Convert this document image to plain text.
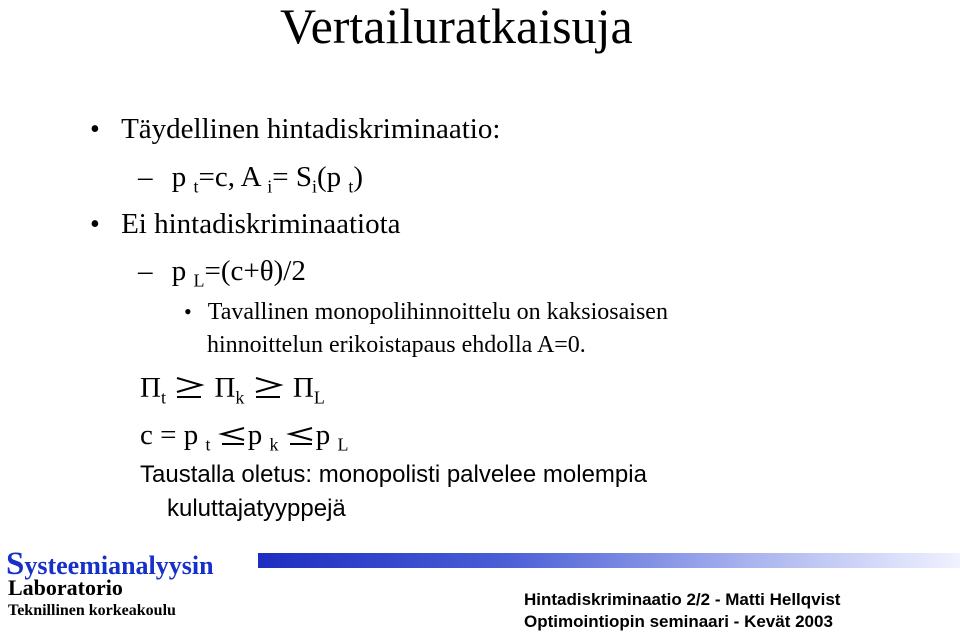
Vertailuratkaisuja
• Täydellinen hintadiskriminaatio:
– p $_t$=c, A $_i= S_i(p$ $_t$)
• Ei hintadiskriminaatiota
– p $_L$=(c+θ)/2
• Tavallinen monopolihinnoittelu on kaksiosaisen
hinnoittelun erikoistapaus ehdolla A=0.
$\Pi_t$ $\Pi_k$ $\Pi_L$
c = p $_t$ p $_k$ p $_L$
Taustalla oletus: monopolisti palvelee molempia
kuluttajatyyppejä
Systeemianalyysin
Laboratorio
Teknillinen korkeakoulu
Hintadiskriminaatio 2/2 - Matti Hellqvist
Optimointiopin seminaari - Kevät 2003
